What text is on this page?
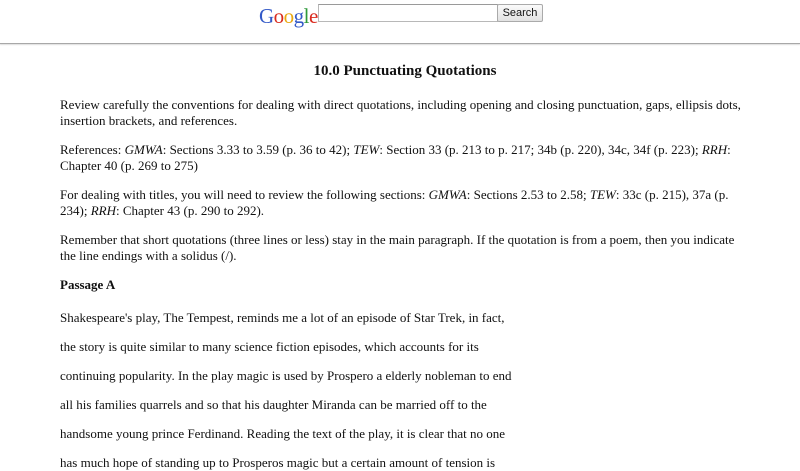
Google	Search
10.0 Punctuating Quotations

Review carefully the conventions for dealing with direct quotations, including opening and closing punctuation, gaps, ellipsis dots, insertion brackets, and references.

References: GMWA: Sections 3.33 to 3.59 (p. 36 to 42); TEW: Section 33 (p. 213 to p. 217; 34b (p. 220), 34c, 34f (p. 223); RRH: Chapter 40 (p. 269 to 275)

For dealing with titles, you will need to review the following sections: GMWA: Sections 2.53 to 2.58; TEW: 33c (p. 215), 37a (p. 234); RRH: Chapter 43 (p. 290 to 292).

Remember that short quotations (three lines or less) stay in the main paragraph. If the quotation is from a poem, then you indicate the line endings with a solidus (/).

Passage A
Shakespeare's play, The Tempest, reminds me a lot of an episode of Star Trek, in fact,
the story is quite similar to many science fiction episodes, which accounts for its
continuing popularity. In the play magic is used by Prospero a elderly nobleman to end
all his families quarrels and so that his daughter Miranda can be married off to the
handsome young prince Ferdinand. Reading the text of the play, it is clear that no one
has much hope of standing up to Prosperos magic but a certain amount of tension is
